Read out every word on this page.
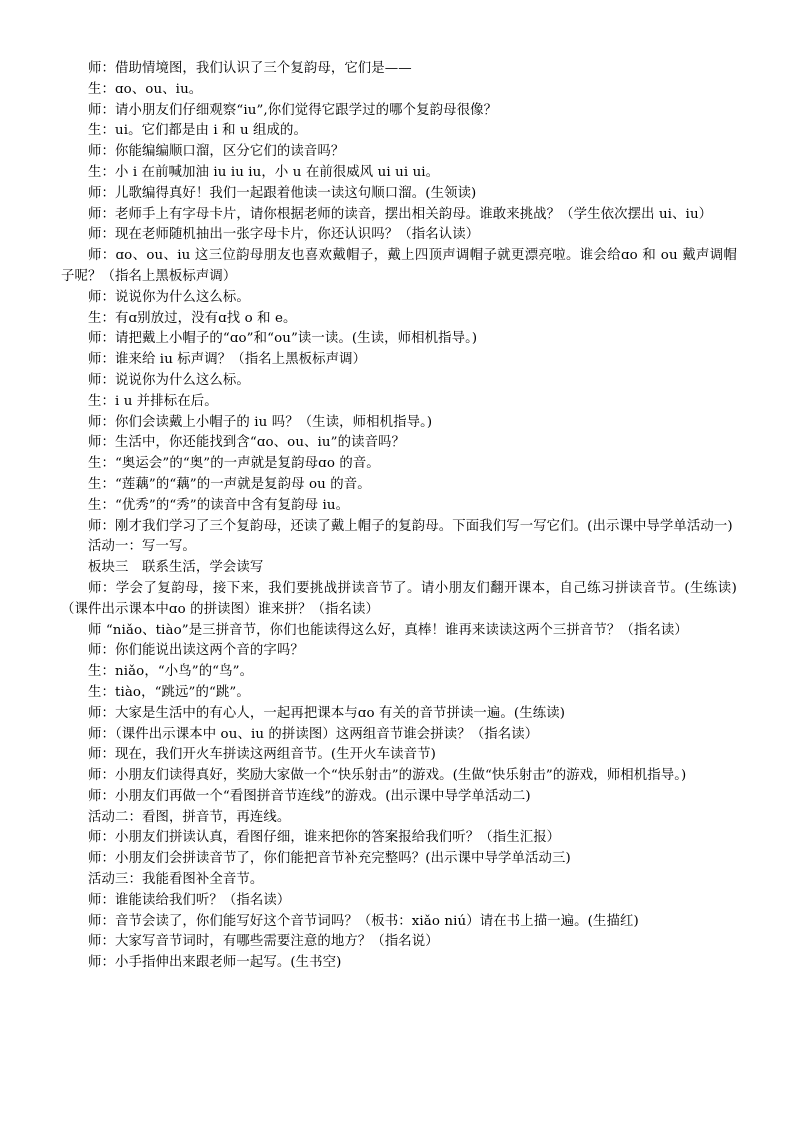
师：借助情境图，我们认识了三个复韵母，它们是——

生：ɑo、ou、iu。

师：请小朋友们仔细观察“iu”,你们觉得它跟学过的哪个复韵母很像？

生：ui。它们都是由 i 和 u 组成的。

师：你能编编顺口溜，区分它们的读音吗？

生：小 i 在前喊加油 iu iu iu，小 u 在前很威风 ui ui ui。

师：儿歌编得真好！我们一起跟着他读一读这句顺口溜。(生领读)

师：老师手上有字母卡片，请你根据老师的读音，摆出相关韵母。谁敢来挑战？（学生依次摆出 ui、iu）

师：现在老师随机抽出一张字母卡片，你还认识吗？（指名认读）

师：ɑo、ou、iu 这三位韵母朋友也喜欢戴帽子，戴上四顶声调帽子就更漂亮啦。谁会给ɑo 和 ou 戴声调帽子呢？（指名上黑板标声调）

师：说说你为什么这么标。

生：有ɑ别放过，没有ɑ找 o 和 e。

师：请把戴上小帽子的“ɑo”和“ou”读一读。(生读，师相机指导。)

师：谁来给 iu 标声调？（指名上黑板标声调）

师：说说你为什么这么标。

生：i u 并排标在后。

师：你们会读戴上小帽子的 iu 吗？（生读，师相机指导。)

师：生活中，你还能找到含“ɑo、ou、iu”的读音吗？

生：“奥运会”的“奥”的一声就是复韵母ɑo 的音。

生：“莲藕”的“藕”的一声就是复韵母 ou 的音。

生：“优秀”的“秀”的读音中含有复韵母 iu。

师：刚才我们学习了三个复韵母，还读了戴上帽子的复韵母。下面我们写一写它们。(出示课中导学单活动一)

活动一：写一写。

板块三　联系生活，学会读写

师：学会了复韵母，接下来，我们要挑战拼读音节了。请小朋友们翻开课本，自己练习拼读音节。(生练读)（课件出示课本中ɑo 的拼读图）谁来拼？（指名读）

师 “niǎo、tiào”是三拼音节，你们也能读得这么好，真棒！谁再来读读这两个三拼音节？（指名读）

师：你们能说出读这两个音的字吗？

生：niǎo，“小鸟”的“鸟”。

生：tiào，“跳远”的“跳”。

师：大家是生活中的有心人，一起再把课本与ɑo 有关的音节拼读一遍。(生练读)

师：（课件出示课本中 ou、iu 的拼读图）这两组音节谁会拼读？（指名读）

师：现在，我们开火车拼读这两组音节。(生开火车读音节)

师：小朋友们读得真好，奖励大家做一个“快乐射击”的游戏。(生做“快乐射击”的游戏，师相机指导。)

师：小朋友们再做一个“看图拼音节连线”的游戏。(出示课中导学单活动二)

活动二：看图，拼音节，再连线。

师：小朋友们拼读认真，看图仔细，谁来把你的答案报给我们听？（指生汇报）

师：小朋友们会拼读音节了，你们能把音节补充完整吗？(出示课中导学单活动三)

活动三：我能看图补全音节。

师：谁能读给我们听？（指名读）

师：音节会读了，你们能写好这个音节词吗？（板书：xiǎo niú）请在书上描一遍。(生描红)

师：大家写音节词时，有哪些需要注意的地方？（指名说）

师：小手指伸出来跟老师一起写。(生书空)
